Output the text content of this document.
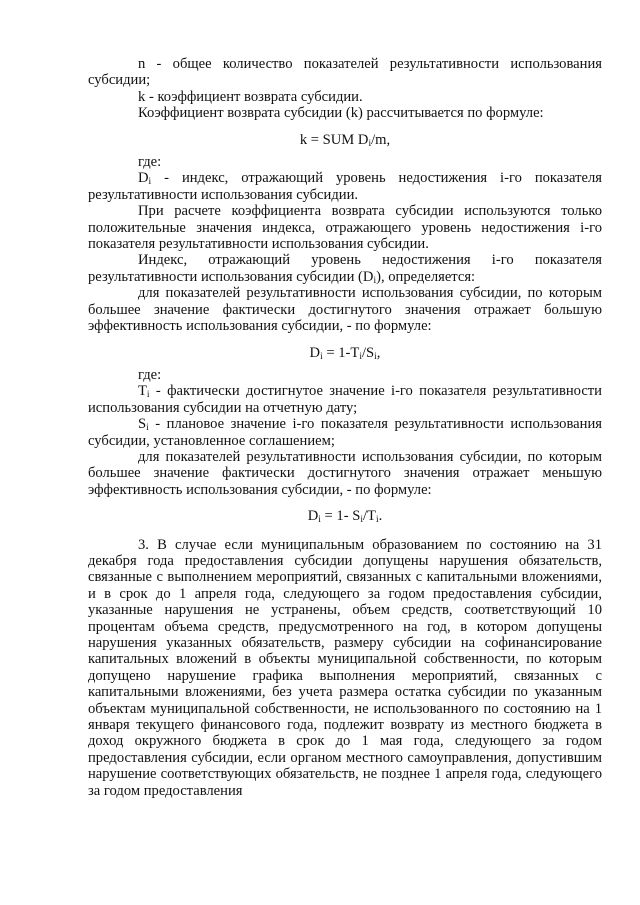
n - общее количество показателей результативности использования субсидии;

k - коэффициент возврата субсидии.

Коэффициент возврата субсидии (k) рассчитывается по формуле:

k = SUM $D_i/m$,

где:

$D_i$ - индекс, отражающий уровень недостижения i-го показателя результативности использования субсидии.

При расчете коэффициента возврата субсидии используются только положительные значения индекса, отражающего уровень недостижения i-го показателя результативности использования субсидии.

Индекс, отражающий уровень недостижения i-го показателя результативности использования субсидии $(D_i)$, определяется:

для показателей результативности использования субсидии, по которым большее значение фактически достигнутого значения отражает большую эффективность использования субсидии, - по формуле:

$D_i = 1-T_i/S_i$,

где:

$T_i$ - фактически достигнутое значение i-го показателя результативности использования субсидии на отчетную дату;

$S_i$ - плановое значение i-го показателя результативности использования субсидии, установленное соглашением;

для показателей результативности использования субсидии, по которым большее значение фактически достигнутого значения отражает меньшую эффективность использования субсидии, - по формуле:

$D_i = 1-$ $S_i/T_i$.

3. В случае если муниципальным образованием по состоянию на 31 декабря года предоставления субсидии допущены нарушения обязательств, связанные с выполнением мероприятий, связанных с капитальными вложениями, и в срок до 1 апреля года, следующего за годом предоставления субсидии, указанные нарушения не устранены, объем средств, соответствующий 10 процентам объема средств, предусмотренного на год, в котором допущены нарушения указанных обязательств, размеру субсидии на софинансирование капитальных вложений в объекты муниципальной собственности, по которым допущено нарушение графика выполнения мероприятий, связанных с капитальными вложениями, без учета размера остатка субсидии по указанным объектам муниципальной собственности, не использованного по состоянию на 1 января текущего финансового года, подлежит возврату из местного бюджета в доход окружного бюджета в срок до 1 мая года, следующего за годом предоставления субсидии, если органом местного самоуправления, допустившим нарушение соответствующих обязательств, не позднее 1 апреля года, следующего за годом предоставления
